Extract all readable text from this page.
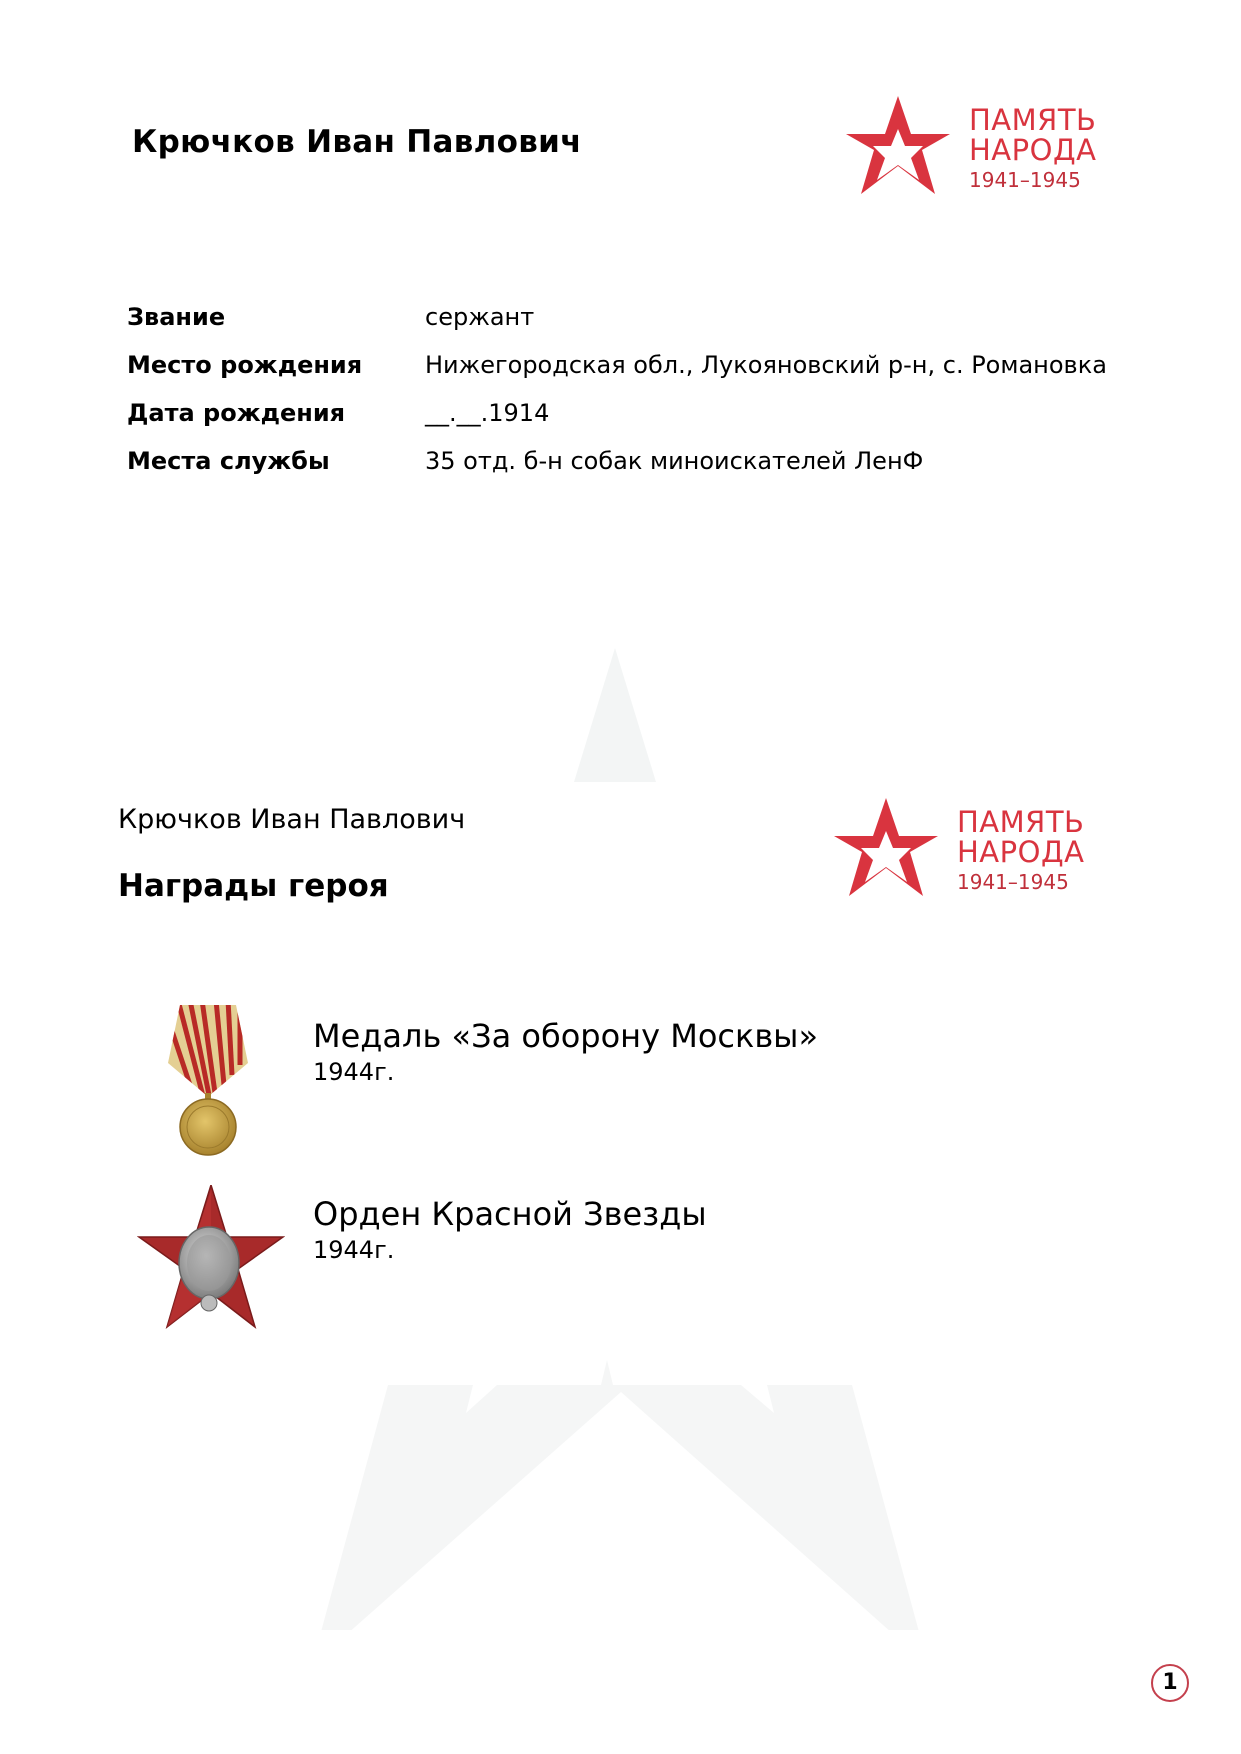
Крючков Иван Павлович
ПАМЯТЬ
НАРОДА
1941–1945
Звание	сержант
Место рождения	Нижегородская обл., Лукояновский р-н, с. Романовка
Дата рождения	__.__.1914
Места службы	35 отд. б-н собак миноискателей ЛенФ
Крючков Иван Павлович
Награды героя
ПАМЯТЬ
НАРОДА
1941–1945
Медаль «За оборону Москвы»
1944г.
Орден Красной Звезды
1944г.
1
